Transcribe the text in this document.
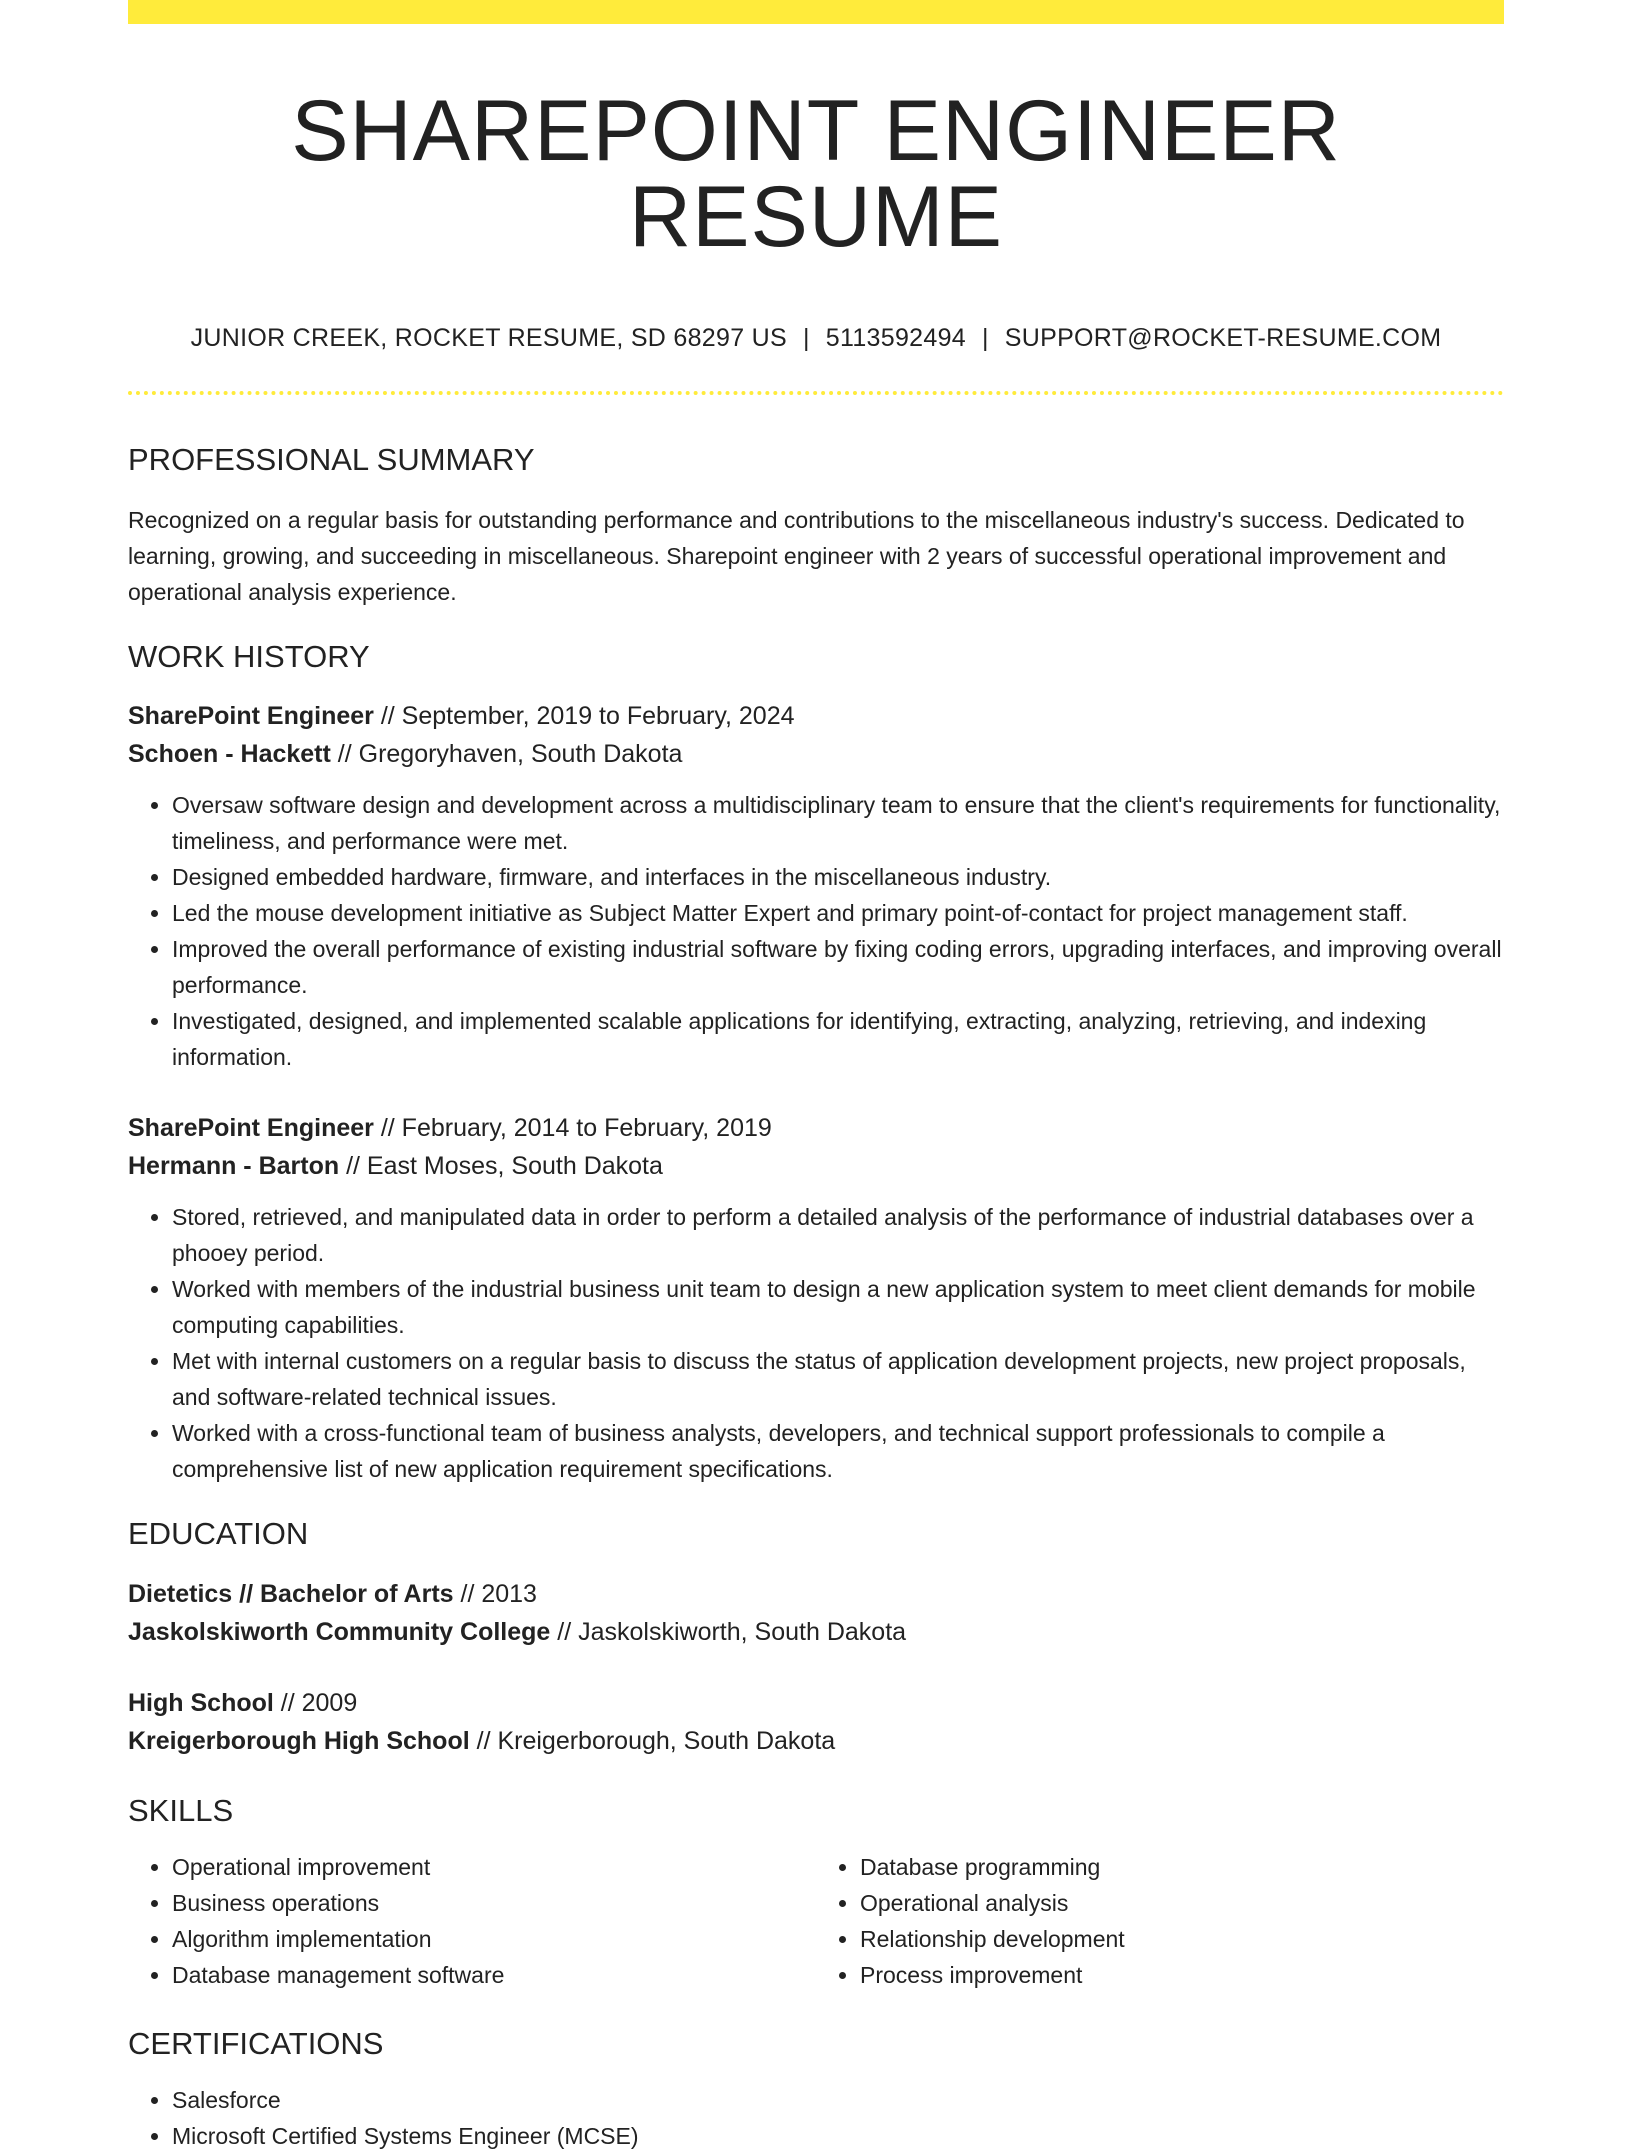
SHAREPOINT ENGINEER RESUME
JUNIOR CREEK, ROCKET RESUME, SD 68297 US | 5113592494 | SUPPORT@ROCKET-RESUME.COM
PROFESSIONAL SUMMARY

Recognized on a regular basis for outstanding performance and contributions to the miscellaneous industry's success. Dedicated to learning, growing, and succeeding in miscellaneous. Sharepoint engineer with 2 years of successful operational improvement and operational analysis experience.

WORK HISTORY
SharePoint Engineer // September, 2019 to February, 2024
Schoen - Hackett // Gregoryhaven, South Dakota
• Oversaw software design and development across a multidisciplinary team to ensure that the client's requirements for functionality, timeliness, and performance were met.
• Designed embedded hardware, firmware, and interfaces in the miscellaneous industry.
• Led the mouse development initiative as Subject Matter Expert and primary point-of-contact for project management staff.
• Improved the overall performance of existing industrial software by fixing coding errors, upgrading interfaces, and improving overall performance.
• Investigated, designed, and implemented scalable applications for identifying, extracting, analyzing, retrieving, and indexing information.
SharePoint Engineer // February, 2014 to February, 2019
Hermann - Barton // East Moses, South Dakota
• Stored, retrieved, and manipulated data in order to perform a detailed analysis of the performance of industrial databases over a phooey period.
• Worked with members of the industrial business unit team to design a new application system to meet client demands for mobile computing capabilities.
• Met with internal customers on a regular basis to discuss the status of application development projects, new project proposals, and software-related technical issues.
• Worked with a cross-functional team of business analysts, developers, and technical support professionals to compile a comprehensive list of new application requirement specifications.
EDUCATION
Dietetics // Bachelor of Arts // 2013
Jaskolskiworth Community College // Jaskolskiworth, South Dakota
High School // 2009
Kreigerborough High School // Kreigerborough, South Dakota
SKILLS
• Operational improvement
• Business operations
• Algorithm implementation
• Database management software
• Database programming
• Operational analysis
• Relationship development
• Process improvement
CERTIFICATIONS
• Salesforce
• Microsoft Certified Systems Engineer (MCSE)
